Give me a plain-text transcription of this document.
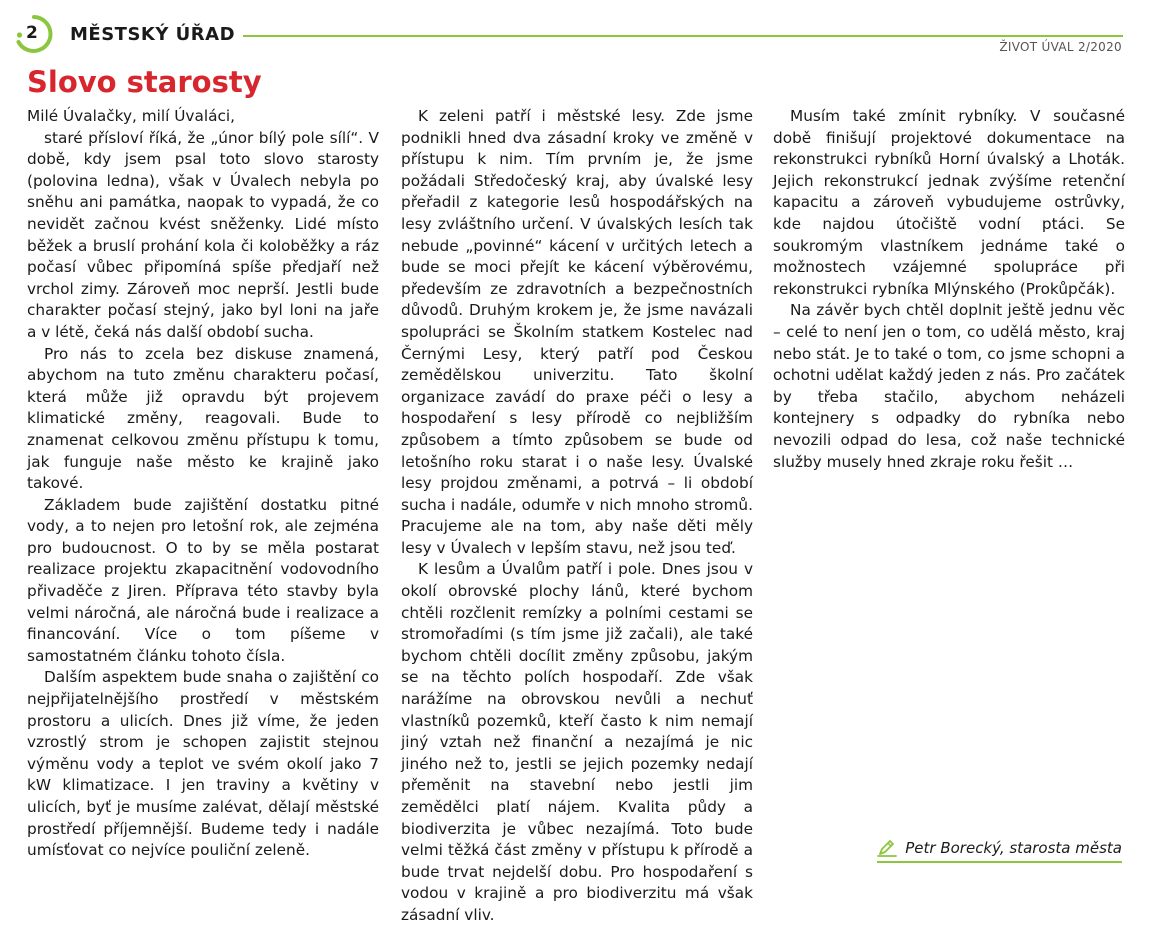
2 MĚSTSKÝ ÚŘAD
ŽIVOT ÚVAL 2/2020
Slovo starosty

Milé Úvalačky, milí Úvaláci,

staré přísloví říká, že „únor bílý pole sílí“. V době, kdy jsem psal toto slovo starosty (polovina ledna), však v Úvalech nebyla po sněhu ani památka, naopak to vypadá, že co nevidět začnou kvést sněženky. Lidé místo běžek a bruslí prohání kola či koloběžky a ráz počasí vůbec připomíná spíše předjaří než vrchol zimy. Zároveň moc neprší. Jestli bude charakter počasí stejný, jako byl loni na jaře a v létě, čeká nás další období sucha.

Pro nás to zcela bez diskuse znamená, abychom na tuto změnu charakteru počasí, která může již opravdu být projevem klimatické změny, reagovali. Bude to znamenat celkovou změnu přístupu k tomu, jak funguje naše město ke krajině jako takové.

Základem bude zajištění dostatku pitné vody, a to nejen pro letošní rok, ale zejména pro budoucnost. O to by se měla postarat realizace projektu zkapacitnění vodovodního přivaděče z Jiren. Příprava této stavby byla velmi náročná, ale náročná bude i realizace a financování. Více o tom píšeme v samostatném článku tohoto čísla.

Dalším aspektem bude snaha o zajištění co nejpřijatelnějšího prostředí v městském prostoru a ulicích. Dnes již víme, že jeden vzrostlý strom je schopen zajistit stejnou výměnu vody a teplot ve svém okolí jako 7 kW klimatizace. I jen traviny a květiny v ulicích, byť je musíme zalévat, dělají městské prostředí příjemnější. Budeme tedy i nadále umísťovat co nejvíce pouliční zeleně.

K zeleni patří i městské lesy. Zde jsme podnikli hned dva zásadní kroky ve změně v přístupu k nim. Tím prvním je, že jsme požádali Středočeský kraj, aby úvalské lesy přeřadil z kategorie lesů hospodářských na lesy zvláštního určení. V úvalských lesích tak nebude „povinné“ kácení v určitých letech a bude se moci přejít ke kácení výběrovému, především ze zdravotních a bezpečnostních důvodů. Druhým krokem je, že jsme navázali spolupráci se Školním statkem Kostelec nad Černými Lesy, který patří pod Českou zemědělskou univerzitu. Tato školní organizace zavádí do praxe péči o lesy a hospodaření s lesy přírodě co nejbližším způsobem a tímto způsobem se bude od letošního roku starat i o naše lesy. Úvalské lesy projdou změnami, a potrvá – li období sucha i nadále, odumře v nich mnoho stromů. Pracujeme ale na tom, aby naše děti měly lesy v Úvalech v lepším stavu, než jsou teď.

K lesům a Úvalům patří i pole. Dnes jsou v okolí obrovské plochy lánů, které bychom chtěli rozčlenit remízky a polními cestami se stromořadími (s tím jsme již začali), ale také bychom chtěli docílit změny způsobu, jakým se na těchto polích hospodaří. Zde však narážíme na obrovskou nevůli a nechuť vlastníků pozemků, kteří často k nim nemají jiný vztah než finanční a nezajímá je nic jiného než to, jestli se jejich pozemky nedají přeměnit na stavební nebo jestli jim zemědělci platí nájem. Kvalita půdy a biodiverzita je vůbec nezajímá. Toto bude velmi těžká část změny v přístupu k přírodě a bude trvat nejdelší dobu. Pro hospodaření s vodou v krajině a pro biodiverzitu má však zásadní vliv.

Musím také zmínit rybníky. V současné době finišují projektové dokumentace na rekonstrukci rybníků Horní úvalský a Lhoták. Jejich rekonstrukcí jednak zvýšíme retenční kapacitu a zároveň vybudujeme ostrůvky, kde najdou útočiště vodní ptáci. Se soukromým vlastníkem jednáme také o možnostech vzájemné spolupráce při rekonstrukci rybníka Mlýnského (Prokůpčák).

Na závěr bych chtěl doplnit ještě jednu věc – celé to není jen o tom, co udělá město, kraj nebo stát. Je to také o tom, co jsme schopni a ochotni udělat každý jeden z nás. Pro začátek by třeba stačilo, abychom neházeli kontejnery s odpadky do rybníka nebo nevozili odpad do lesa, což naše technické služby musely hned zkraje roku řešit …

Petr Borecký, starosta města
